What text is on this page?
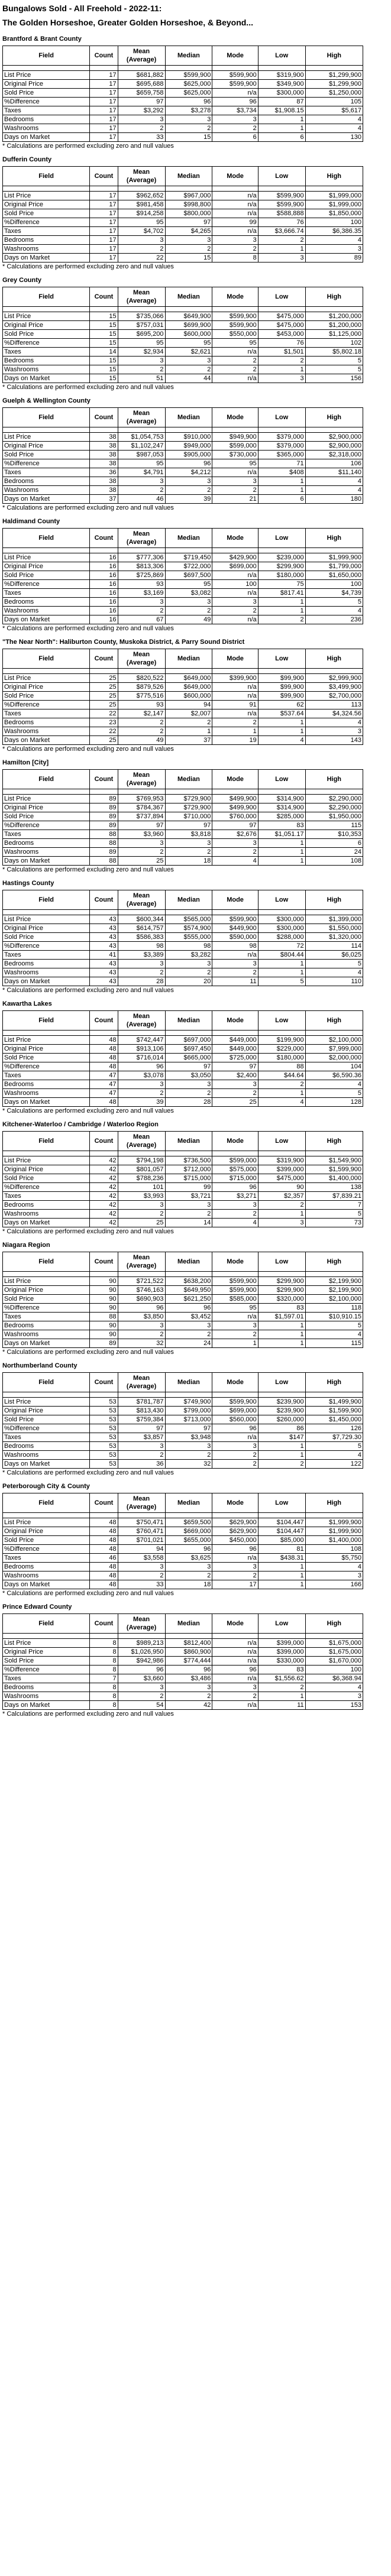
Bungalows Sold - All Freehold - 2022-11:
The Golden Horseshoe, Greater Golden Horseshoe, & Beyond...
Brantford & Brant County
Field	Count	Mean (Average)	Median	Mode	Low	High

List Price	17	$681,882	$599,900	$599,900	$319,900	$1,299,900
Original Price	17	$695,688	$625,000	$599,900	$349,900	$1,299,900
Sold Price	17	$659,758	$625,000	n/a	$300,000	$1,250,000
%Difference	17	97	96	96	87	105
Taxes	17	$3,292	$3,278	$3,734	$1,908.15	$5,617
Bedrooms	17	3	3	3	1	4
Washrooms	17	2	2	2	1	4
Days on Market	17	33	15	6	6	130
* Calculations are performed excluding zero and null values
Dufferin County
Field	Count	Mean (Average)	Median	Mode	Low	High

List Price	17	$962,652	$967,000	n/a	$599,900	$1,999,000
Original Price	17	$981,458	$998,800	n/a	$599,900	$1,999,000
Sold Price	17	$914,258	$800,000	n/a	$588,888	$1,850,000
%Difference	17	95	97	99	76	100
Taxes	17	$4,702	$4,265	n/a	$3,666.74	$6,386.35
Bedrooms	17	3	3	3	2	4
Washrooms	17	2	2	2	1	3
Days on Market	17	22	15	8	3	89
* Calculations are performed excluding zero and null values
Grey County
Field	Count	Mean (Average)	Median	Mode	Low	High

List Price	15	$735,066	$649,900	$599,900	$475,000	$1,200,000
Original Price	15	$757,031	$699,900	$599,900	$475,000	$1,200,000
Sold Price	15	$695,200	$600,000	$550,000	$453,000	$1,125,000
%Difference	15	95	95	95	76	102
Taxes	14	$2,934	$2,621	n/a	$1,501	$5,802.18
Bedrooms	15	3	3	2	2	5
Washrooms	15	2	2	2	1	5
Days on Market	15	51	44	n/a	3	156
* Calculations are performed excluding zero and null values
Guelph & Wellington County
Field	Count	Mean (Average)	Median	Mode	Low	High

List Price	38	$1,054,753	$910,000	$949,900	$379,000	$2,900,000
Original Price	38	$1,102,247	$949,000	$599,000	$379,000	$2,900,000
Sold Price	38	$987,053	$905,000	$730,000	$365,000	$2,318,000
%Difference	38	95	96	95	71	106
Taxes	36	$4,791	$4,212	n/a	$408	$11,140
Bedrooms	38	3	3	3	1	4
Washrooms	38	2	2	2	1	4
Days on Market	37	46	39	21	6	180
* Calculations are performed excluding zero and null values
Haldimand County
Field	Count	Mean (Average)	Median	Mode	Low	High

List Price	16	$777,306	$719,450	$429,900	$239,000	$1,999,900
Original Price	16	$813,306	$722,000	$699,000	$299,900	$1,799,000
Sold Price	16	$725,869	$697,500	n/a	$180,000	$1,650,000
%Difference	16	93	95	100	75	100
Taxes	16	$3,169	$3,082	n/a	$817.41	$4,739
Bedrooms	16	3	3	3	1	5
Washrooms	16	2	2	2	1	4
Days on Market	16	67	49	n/a	2	236
* Calculations are performed excluding zero and null values
"The Near North": Haliburton County, Muskoka District, & Parry Sound District
Field	Count	Mean (Average)	Median	Mode	Low	High

List Price	25	$820,522	$649,000	$399,900	$99,900	$2,999,900
Original Price	25	$879,526	$649,000	n/a	$99,900	$3,499,900
Sold Price	25	$775,516	$600,000	n/a	$99,900	$2,700,000
%Difference	25	93	94	91	62	113
Taxes	22	$2,147	$2,007	n/a	$537.64	$4,324.56
Bedrooms	23	2	2	2	1	4
Washrooms	22	2	1	1	1	3
Days on Market	25	49	37	19	4	143
* Calculations are performed excluding zero and null values
Hamilton [City]
Field	Count	Mean (Average)	Median	Mode	Low	High

List Price	89	$769,953	$729,900	$499,900	$314,900	$2,290,000
Original Price	89	$784,367	$729,900	$499,900	$314,900	$2,290,000
Sold Price	89	$737,894	$710,000	$760,000	$285,000	$1,950,000
%Difference	89	97	97	97	83	115
Taxes	88	$3,960	$3,818	$2,676	$1,051.17	$10,353
Bedrooms	88	3	3	3	1	6
Washrooms	89	2	2	2	1	24
Days on Market	88	25	18	4	1	108
* Calculations are performed excluding zero and null values
Hastings County
Field	Count	Mean (Average)	Median	Mode	Low	High

List Price	43	$600,344	$565,000	$599,900	$300,000	$1,399,000
Original Price	43	$614,757	$574,900	$449,900	$300,000	$1,550,000
Sold Price	43	$586,383	$555,000	$590,000	$288,000	$1,320,000
%Difference	43	98	98	98	72	114
Taxes	41	$3,389	$3,282	n/a	$804.44	$6,025
Bedrooms	43	3	3	3	1	5
Washrooms	43	2	2	2	1	4
Days on Market	43	28	20	11	5	110
* Calculations are performed excluding zero and null values
Kawartha Lakes
Field	Count	Mean (Average)	Median	Mode	Low	High

List Price	48	$742,447	$697,000	$449,000	$199,900	$2,100,000
Original Price	48	$913,106	$697,450	$449,000	$229,000	$7,999,000
Sold Price	48	$716,014	$665,000	$725,000	$180,000	$2,000,000
%Difference	48	96	97	97	88	104
Taxes	47	$3,078	$3,050	$2,400	$44.64	$6,590.36
Bedrooms	47	3	3	3	2	4
Washrooms	47	2	2	2	1	5
Days on Market	48	39	28	25	4	128
* Calculations are performed excluding zero and null values
Kitchener-Waterloo / Cambridge / Waterloo Region
Field	Count	Mean (Average)	Median	Mode	Low	High

List Price	42	$794,198	$736,500	$599,000	$319,900	$1,549,900
Original Price	42	$801,057	$712,000	$575,000	$399,000	$1,599,900
Sold Price	42	$788,236	$715,000	$715,000	$475,000	$1,400,000
%Difference	42	101	99	96	90	138
Taxes	42	$3,993	$3,721	$3,271	$2,357	$7,839.21
Bedrooms	42	3	3	3	2	7
Washrooms	42	2	2	2	1	5
Days on Market	42	25	14	4	3	73
* Calculations are performed excluding zero and null values
Niagara Region
Field	Count	Mean (Average)	Median	Mode	Low	High

List Price	90	$721,522	$638,200	$599,900	$299,900	$2,199,900
Original Price	90	$746,163	$649,950	$599,900	$299,900	$2,199,900
Sold Price	90	$690,903	$621,250	$585,000	$320,000	$2,100,000
%Difference	90	96	96	95	83	118
Taxes	88	$3,850	$3,452	n/a	$1,597.01	$10,910.15
Bedrooms	90	3	3	3	1	5
Washrooms	90	2	2	2	1	4
Days on Market	89	32	24	1	1	115
* Calculations are performed excluding zero and null values
Northumberland County
Field	Count	Mean (Average)	Median	Mode	Low	High

List Price	53	$781,787	$749,900	$599,900	$239,900	$1,499,900
Original Price	53	$813,430	$799,000	$699,000	$239,900	$1,599,900
Sold Price	53	$759,384	$713,000	$560,000	$260,000	$1,450,000
%Difference	53	97	97	96	86	126
Taxes	53	$3,857	$3,948	n/a	$147	$7,729.30
Bedrooms	53	3	3	3	1	5
Washrooms	53	2	2	2	1	4
Days on Market	53	36	32	2	2	122
* Calculations are performed excluding zero and null values
Peterborough City & County
Field	Count	Mean (Average)	Median	Mode	Low	High

List Price	48	$750,471	$659,500	$629,900	$104,447	$1,999,900
Original Price	48	$760,471	$669,000	$629,900	$104,447	$1,999,900
Sold Price	48	$701,021	$655,000	$450,000	$85,000	$1,400,000
%Difference	48	94	96	96	81	108
Taxes	46	$3,558	$3,625	n/a	$438.31	$5,750
Bedrooms	48	3	3	3	1	4
Washrooms	48	2	2	2	1	3
Days on Market	48	33	18	17	1	166
* Calculations are performed excluding zero and null values
Prince Edward County
Field	Count	Mean (Average)	Median	Mode	Low	High

List Price	8	$989,213	$812,400	n/a	$399,000	$1,675,000
Original Price	8	$1,026,950	$860,900	n/a	$399,000	$1,675,000
Sold Price	8	$942,986	$774,444	n/a	$330,000	$1,670,000
%Difference	8	96	96	96	83	100
Taxes	7	$3,660	$3,486	n/a	$1,556.62	$6,368.94
Bedrooms	8	3	3	3	2	4
Washrooms	8	2	2	2	1	3
Days on Market	8	54	42	n/a	11	153
* Calculations are performed excluding zero and null values
